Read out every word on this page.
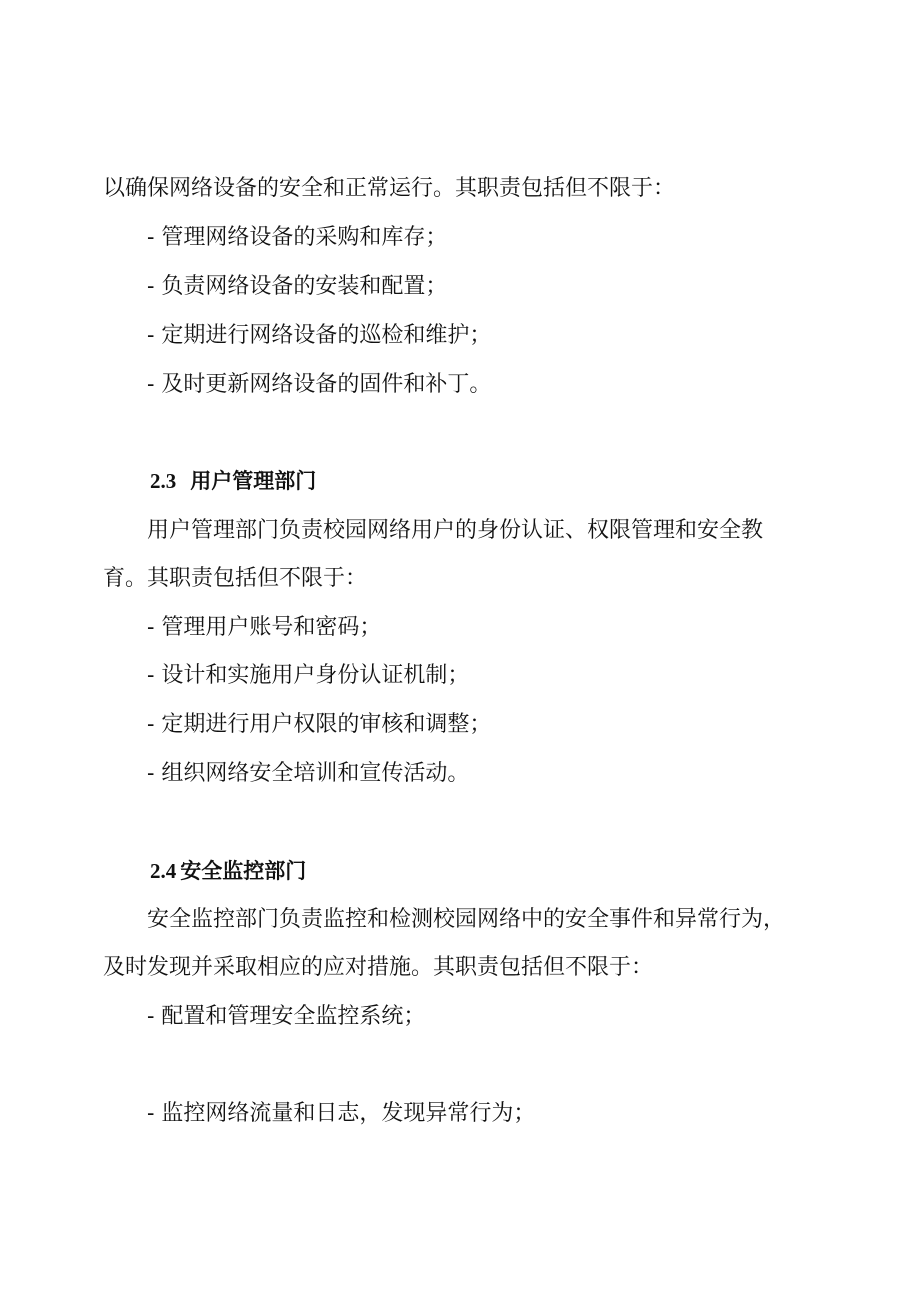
以确保网络设备的安全和正常运行。其职责包括但不限于：
- 管理网络设备的采购和库存；
- 负责网络设备的安装和配置；
- 定期进行网络设备的巡检和维护；
- 及时更新网络设备的固件和补丁。
2.3 用户管理部门
用户管理部门负责校园网络用户的身份认证、权限管理和安全教
育。其职责包括但不限于：
- 管理用户账号和密码；
- 设计和实施用户身份认证机制；
- 定期进行用户权限的审核和调整；
- 组织网络安全培训和宣传活动。
2.4 安全监控部门
安全监控部门负责监控和检测校园网络中的安全事件和异常行为，
及时发现并采取相应的应对措施。其职责包括但不限于：
- 配置和管理安全监控系统；
- 监控网络流量和日志，发现异常行为；
